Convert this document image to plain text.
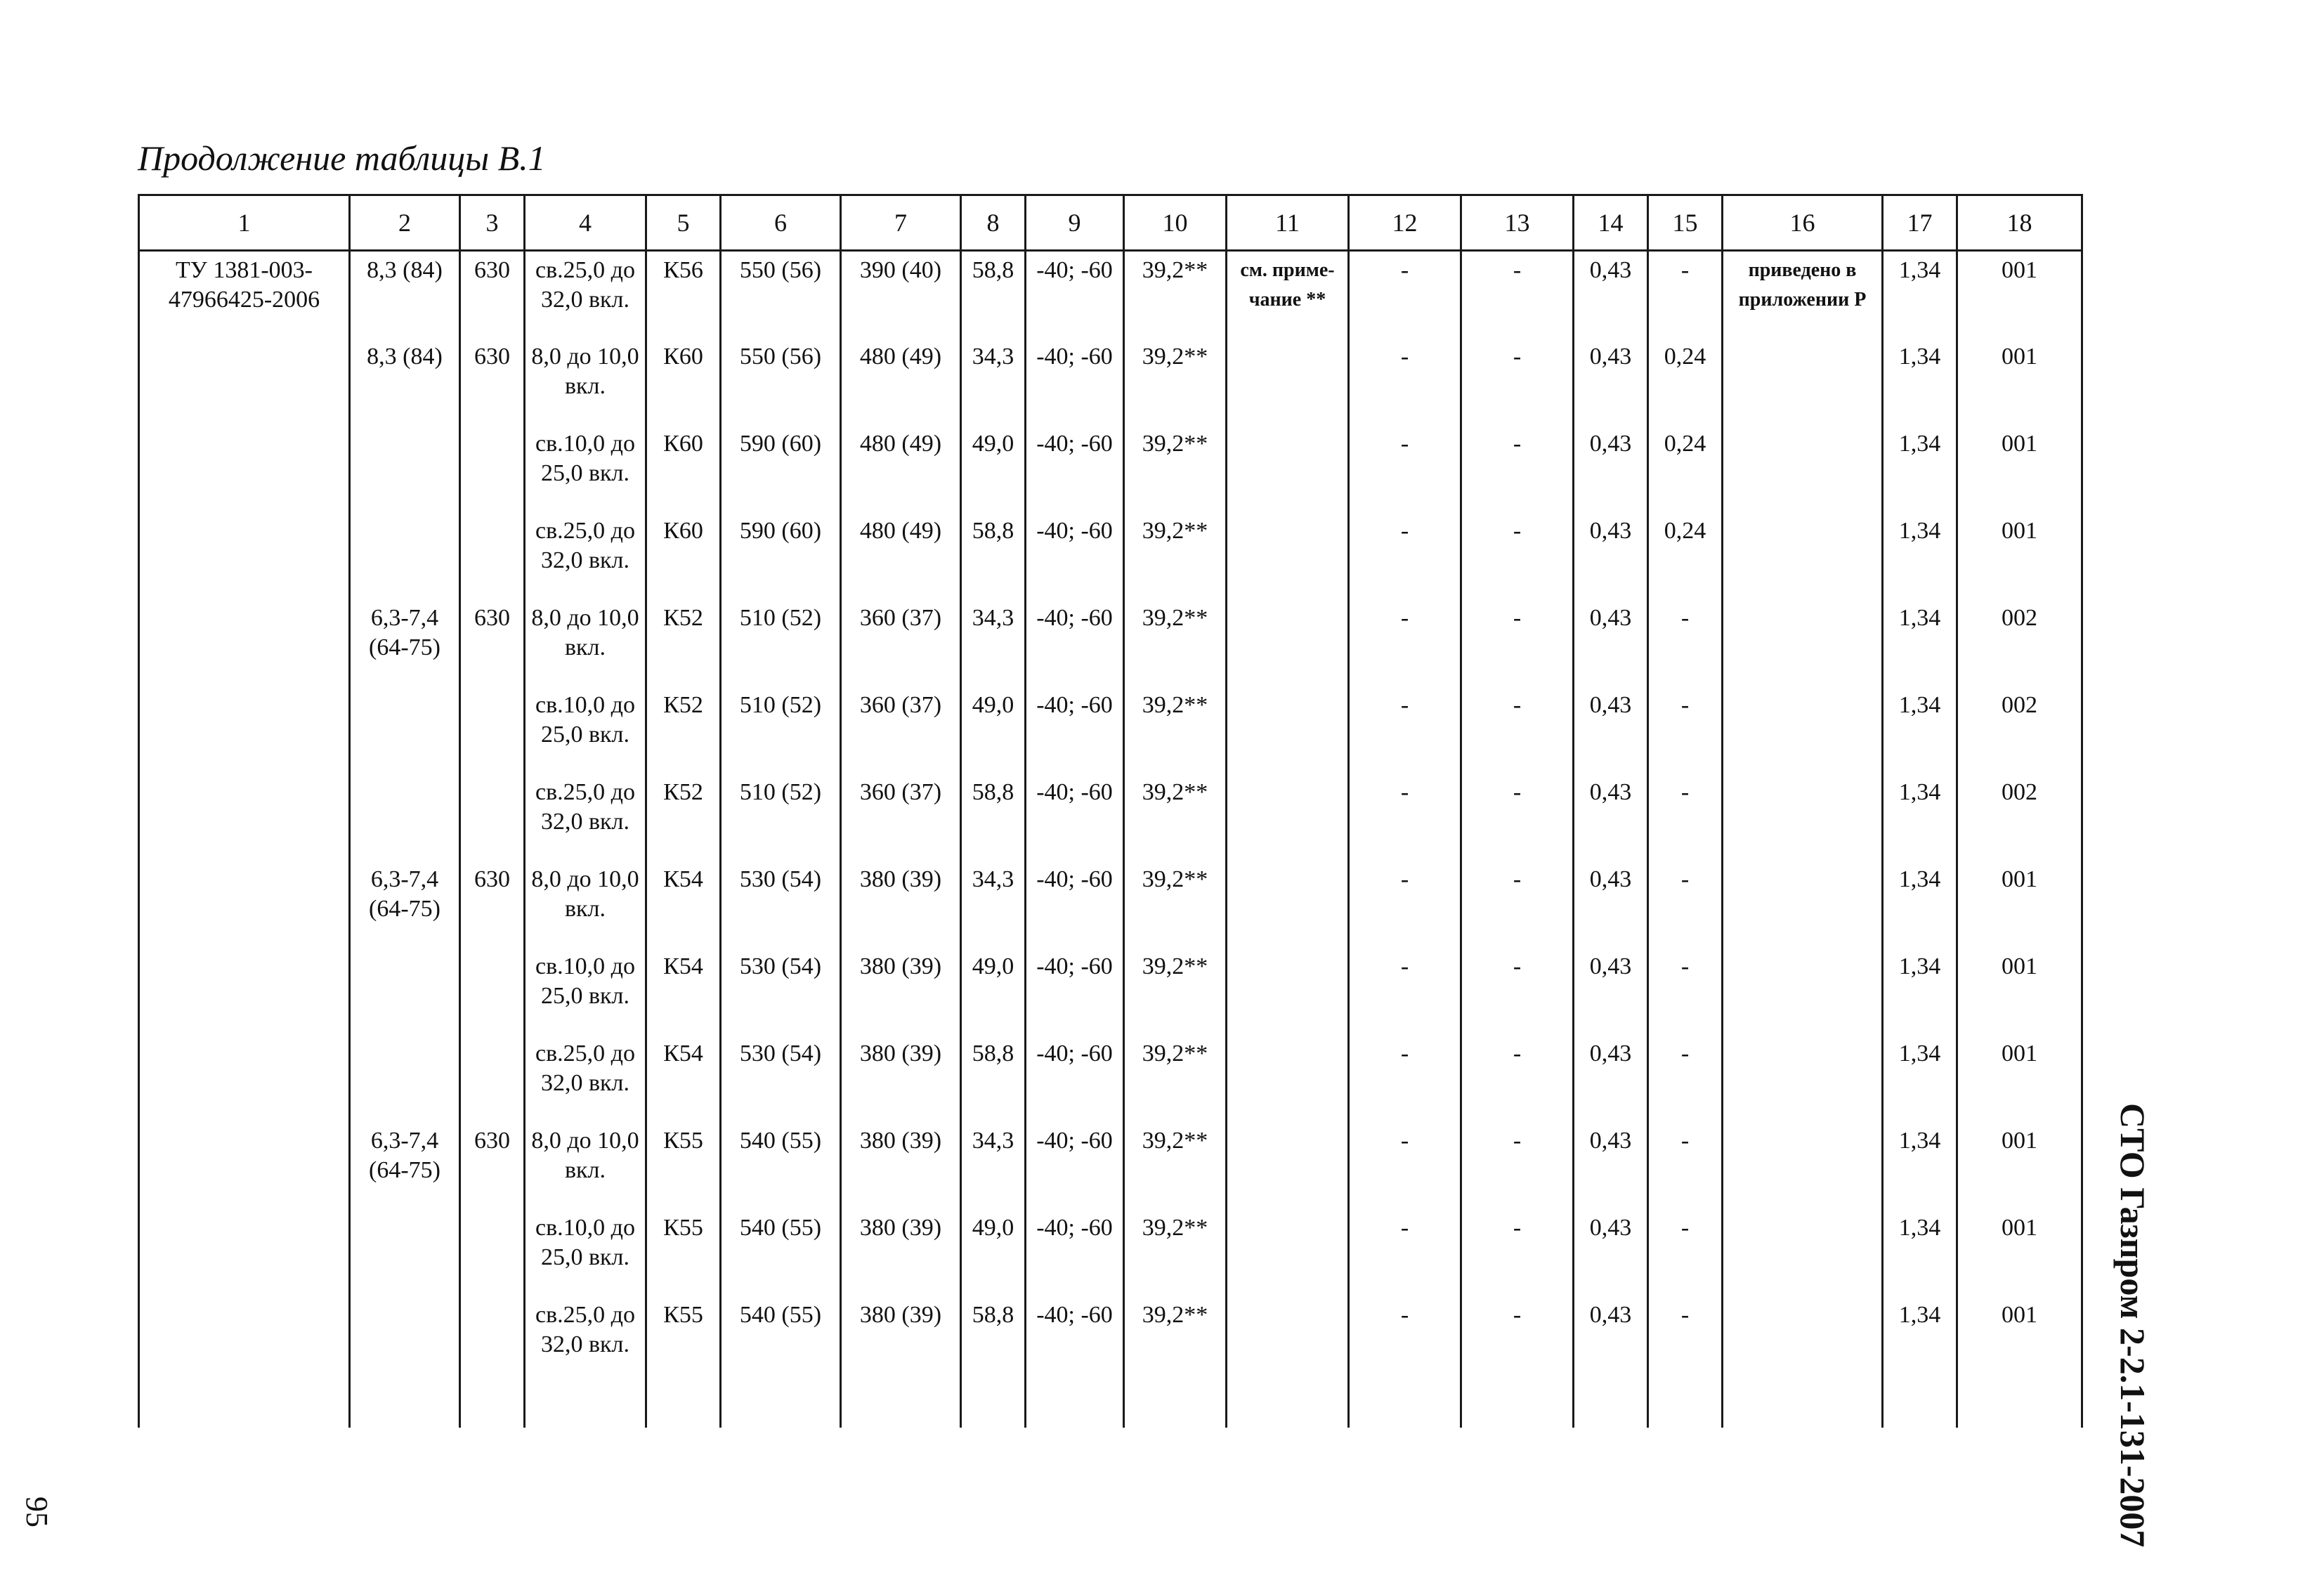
Продолжение таблицы В.1
1	2	3	4	5	6	7	8	9	10	11	12	13	14	15	16	17	18
ТУ 1381-003-47966425-2006	8,3 (84)	630	св.25,0 до 32,0 вкл.	К56	550 (56)	390 (40)	58,8	-40; -60	39,2**	см. приме-чание **	-	-	0,43	-	приведено в приложении Р	1,34	001
	8,3 (84)	630	8,0 до 10,0 вкл.	К60	550 (56)	480 (49)	34,3	-40; -60	39,2**		-	-	0,43	0,24		1,34	001
			св.10,0 до 25,0 вкл.	К60	590 (60)	480 (49)	49,0	-40; -60	39,2**		-	-	0,43	0,24		1,34	001
			св.25,0 до 32,0 вкл.	К60	590 (60)	480 (49)	58,8	-40; -60	39,2**		-	-	0,43	0,24		1,34	001
	6,3-7,4 (64-75)	630	8,0 до 10,0 вкл.	К52	510 (52)	360 (37)	34,3	-40; -60	39,2**		-	-	0,43	-		1,34	002
			св.10,0 до 25,0 вкл.	К52	510 (52)	360 (37)	49,0	-40; -60	39,2**		-	-	0,43	-		1,34	002
			св.25,0 до 32,0 вкл.	К52	510 (52)	360 (37)	58,8	-40; -60	39,2**		-	-	0,43	-		1,34	002
	6,3-7,4 (64-75)	630	8,0 до 10,0 вкл.	К54	530 (54)	380 (39)	34,3	-40; -60	39,2**		-	-	0,43	-		1,34	001
			св.10,0 до 25,0 вкл.	К54	530 (54)	380 (39)	49,0	-40; -60	39,2**		-	-	0,43	-		1,34	001
			св.25,0 до 32,0 вкл.	К54	530 (54)	380 (39)	58,8	-40; -60	39,2**		-	-	0,43	-		1,34	001
	6,3-7,4 (64-75)	630	8,0 до 10,0 вкл.	К55	540 (55)	380 (39)	34,3	-40; -60	39,2**		-	-	0,43	-		1,34	001
			св.10,0 до 25,0 вкл.	К55	540 (55)	380 (39)	49,0	-40; -60	39,2**		-	-	0,43	-		1,34	001
			св.25,0 до 32,0 вкл.	К55	540 (55)	380 (39)	58,8	-40; -60	39,2**		-	-	0,43	-		1,34	001
																	СТО Газпром 2-2.1-131-2007
95
